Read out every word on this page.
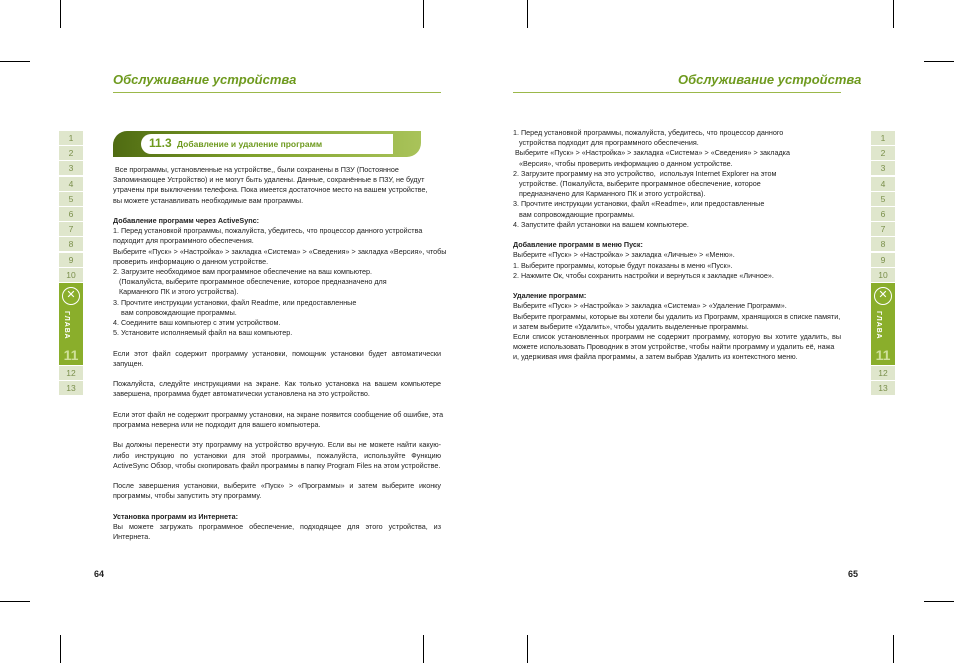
Обслуживание устройства	Обслуживание устройства
1
2
3
4
5
6
7
8
9
10
✕
ГЛАВА
11
12
13
1
2
3
4
5
6
7
8
9
10
✕
ГЛАВА
11
12
13
11.3 Добавление и удаление программ
Все программы, установленные на устройстве,, были сохранены в ПЗУ (Постоянное
Запоминающее Устройство) и не могут быть удалены. Данные, сохранённые в ПЗУ, не будут
утрачены при выключении телефона. Пока имеется достаточное место на вашем устройстве,
вы можете устанавливать необходимые вам программы.
Добавление программ через ActiveSync:
1. Перед установкой программы, пожалуйста, убедитесь, что процессор данного устройства
подходит для программного обеспечения.
Выберите «Пуск» > «Настройка» > закладка «Система» > «Сведения» > закладка «Версия», чтобы
проверить информацию о данном устройстве.
2. Загрузите необходимое вам программное обеспечение на ваш компьютер.
(Пожалуйста, выберите программное обеспечение, которое предназначено для
Карманного ПК и этого устройства).
3. Прочтите инструкции установки, файл Readme, или предоставленные
вам сопровождающие программы.
4. Соедините ваш компьютер с этим устройством.
5. Установите исполняемый файл на ваш компьютер.
Если этот файл содержит программу установки, помощник установки будет автоматически
запущен.
Пожалуйста, следуйте инструкциями на экране. Как только установка на вашем компьютере
завершена, программа будет автоматически установлена на это устройство.
Если этот файл не содержит программу установки, на экране появится сообщение об ошибке, эта
программа неверна или не подходит для вашего компьютера.
Вы должны перенести эту программу на устройство вручную. Если вы не можете найти какую-
либо инструкцию по установки для этой программы, пожалуйста, используйте Функцию
ActiveSync Обзор, чтобы скопировать файл программы в папку Program Files на этом устройстве.
После завершения установки, выберите «Пуск» > «Программы» и затем выберите иконку
программы, чтобы запустить эту программу.
Установка программ из Интернета:
Вы можете загружать программное обеспечение, подходящее для этого устройства, из
Интернета.
1. Перед установкой программы, пожалуйста, убедитесь, что процессор данного
устройства подходит для программного обеспечения.
Выберите «Пуск» > «Настройка» > закладка «Система» > «Сведения» > закладка
«Версия», чтобы проверить информацию о данном устройстве.
2. Загрузите программу на это устройство,  используя Internet Explorer на этом
устройстве. (Пожалуйста, выберите программное обеспечение, которое
предназначено для Карманного ПК и этого устройства).
3. Прочтите инструкции установки, файл «Readme», или предоставленные
вам сопровождающие программы.
4. Запустите файл установки на вашем компьютере.
Добавление программ в меню Пуск:
Выберите «Пуск» > «Настройка» > закладка «Личные» > «Меню».
1. Выберите программы, которые будут показаны в меню «Пуск».
2. Нажмите Ок, чтобы сохранить настройки и вернуться к закладке «Личное».
Удаление программ:
Выберите «Пуск» > «Настройка» > закладка «Система» > «Удаление Программ».
Выберите программы, которые вы хотели бы удалить из Программ, хранящихся в списке памяти,
и затем выберите «Удалить», чтобы удалить выделенные программы.
Если список установленных программ не содержит программу, которую вы хотите удалить, вы
можете использовать Проводник в этом устройстве, чтобы найти программу и удалить её, нажа
и, удерживая имя файла программы, а затем выбрав Удалить из контекстного меню.
64	65
